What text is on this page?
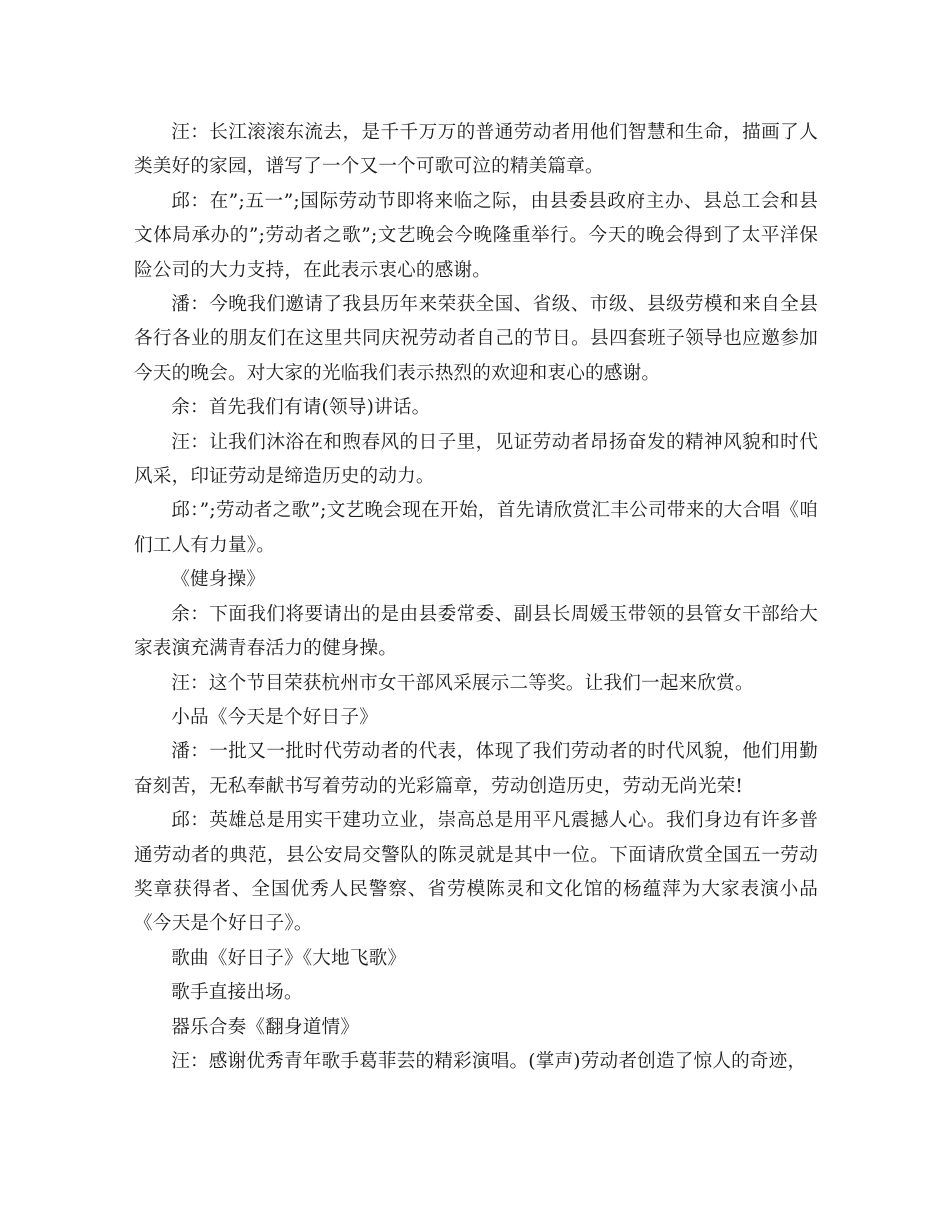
汪：长江滚滚东流去，是千千万万的普通劳动者用他们智慧和生命，描画了人类美好的家园，谱写了一个又一个可歌可泣的精美篇章。

邱：在”;五一”;国际劳动节即将来临之际，由县委县政府主办、县总工会和县文体局承办的”;劳动者之歌”;文艺晚会今晚隆重举行。今天的晚会得到了太平洋保险公司的大力支持，在此表示衷心的感谢。

潘：今晚我们邀请了我县历年来荣获全国、省级、市级、县级劳模和来自全县各行各业的朋友们在这里共同庆祝劳动者自己的节日。县四套班子领导也应邀参加今天的晚会。对大家的光临我们表示热烈的欢迎和衷心的感谢。

余：首先我们有请(领导)讲话。

汪：让我们沐浴在和煦春风的日子里，见证劳动者昂扬奋发的精神风貌和时代风采，印证劳动是缔造历史的动力。

邱：”;劳动者之歌”;文艺晚会现在开始，首先请欣赏汇丰公司带来的大合唱《咱们工人有力量》。

《健身操》

余：下面我们将要请出的是由县委常委、副县长周媛玉带领的县管女干部给大家表演充满青春活力的健身操。

汪：这个节目荣获杭州市女干部风采展示二等奖。让我们一起来欣赏。

小品《今天是个好日子》

潘：一批又一批时代劳动者的代表，体现了我们劳动者的时代风貌，他们用勤奋刻苦，无私奉献书写着劳动的光彩篇章，劳动创造历史，劳动无尚光荣!

邱：英雄总是用实干建功立业，崇高总是用平凡震撼人心。我们身边有许多普通劳动者的典范，县公安局交警队的陈灵就是其中一位。下面请欣赏全国五一劳动奖章获得者、全国优秀人民警察、省劳模陈灵和文化馆的杨蕴萍为大家表演小品《今天是个好日子》。

歌曲《好日子》《大地飞歌》

歌手直接出场。

器乐合奏《翻身道情》

汪：感谢优秀青年歌手葛菲芸的精彩演唱。(掌声)劳动者创造了惊人的奇迹，
